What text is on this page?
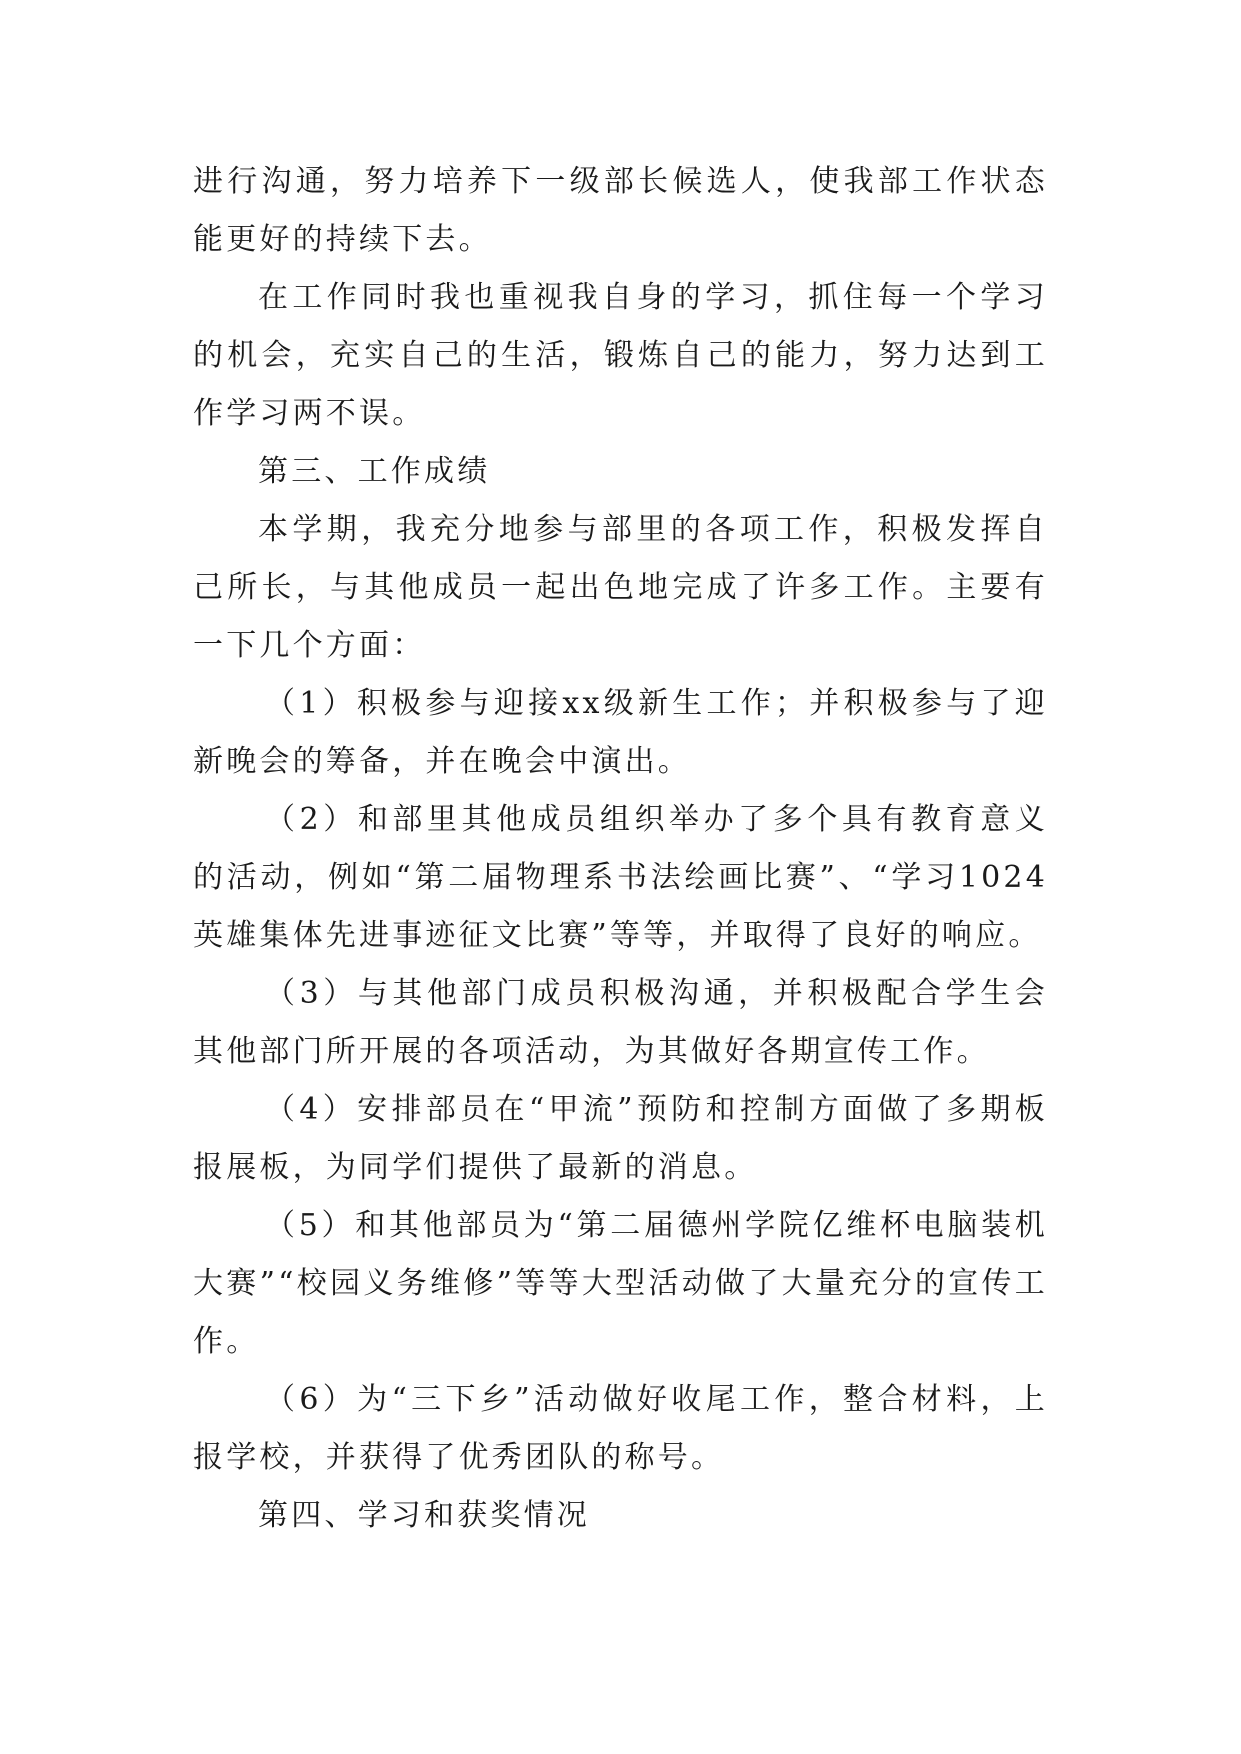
进行沟通，努力培养下一级部长候选人，使我部工作状态能更好的持续下去。

在工作同时我也重视我自身的学习，抓住每一个学习的机会，充实自己的生活，锻炼自己的能力，努力达到工作学习两不误。

第三、工作成绩

本学期，我充分地参与部里的各项工作，积极发挥自己所长，与其他成员一起出色地完成了许多工作。主要有一下几个方面：

（1）积极参与迎接xx级新生工作；并积极参与了迎新晚会的筹备，并在晚会中演出。

（2）和部里其他成员组织举办了多个具有教育意义的活动，例如“第二届物理系书法绘画比赛”、“学习1024英雄集体先进事迹征文比赛”等等，并取得了良好的响应。

（3）与其他部门成员积极沟通，并积极配合学生会其他部门所开展的各项活动，为其做好各期宣传工作。

（4）安排部员在“甲流”预防和控制方面做了多期板报展板，为同学们提供了最新的消息。

（5）和其他部员为“第二届德州学院亿维杯电脑装机大赛”“校园义务维修”等等大型活动做了大量充分的宣传工作。

（6）为“三下乡”活动做好收尾工作，整合材料，上报学校，并获得了优秀团队的称号。

第四、学习和获奖情况
